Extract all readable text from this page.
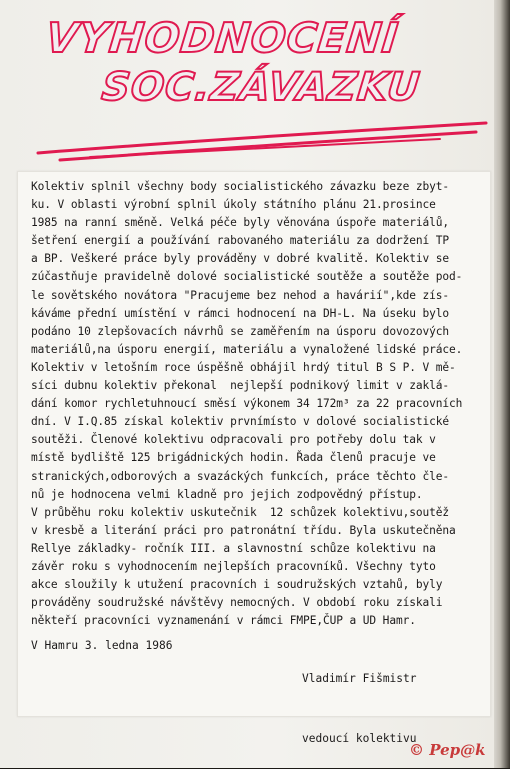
VYHODNOCENÍ
SOC.ZÁVAZKU
Kolektiv splnil všechny body socialistického závazku beze zbyt-
ku. V oblasti výrobní splnil úkoly státního plánu 21.prosince
1985 na ranní směně. Velká péče byly věnována úspoře materiálů,
šetření energií a používání rabovaného materiálu za dodržení TP
a BP. Veškeré práce byly prováděny v dobré kvalitě. Kolektiv se
zúčastňuje pravidelně dolové socialistické soutěže a soutěže pod-
le sovětského novátora "Pracujeme bez nehod a havárií",kde zís-
káváme přední umístění v rámci hodnocení na DH-L. Na úseku bylo
podáno 10 zlepšovacích návrhů se zaměřením na úsporu dovozových
materiálů,na úsporu energií, materiálu a vynaložené lidské práce.
Kolektiv v letošním roce úspěšně obhájil hrdý titul B S P. V mě-
síci dubnu kolektiv překonal  nejlepší podnikový limit v zaklá-
dání komor rychletuhnoucí směsí výkonem 34 172m³ za 22 pracovních
dní. V I.Q.85 získal kolektiv prvnímísto v dolové socialistické
soutěži. Členové kolektivu odpracovali pro potřeby dolu tak v
místě bydliště 125 brigádnických hodin. Řada členů pracuje ve
stranických,odborových a svazáckých funkcích, práce těchto čle-
nů je hodnocena velmi kladně pro jejich zodpovědný přístup.
V průběhu roku kolektiv uskutečnik  12 schůzek kolektivu,soutěž
v kresbě a literání práci pro patronátní třídu. Byla uskutečněna
Rellye základky- ročník III. a slavnostní schůze kolektivu na
závěr roku s vyhodnocením nejlepších pracovníků. Všechny tyto
akce sloužily k utužení pracovních i soudružských vztahů, byly
prováděny soudružské návštěvy nemocných. V období roku získali
někteří pracovníci vyznamenání v rámci FMPE,ČUP a UD Hamr.
V Hamru 3. ledna 1986

Vladimír Fišmistr

vedoucí kolektivu

© Pep@k
